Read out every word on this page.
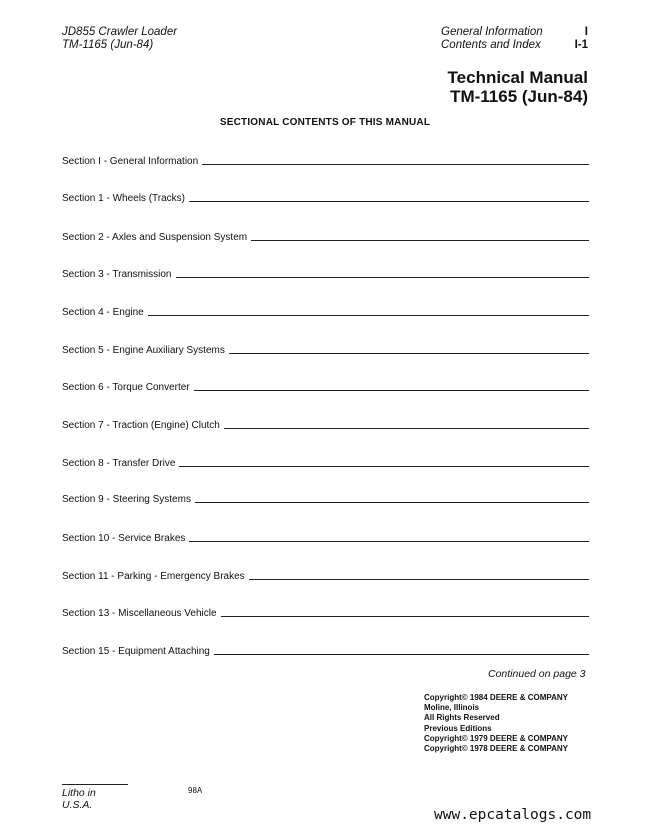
JD855 Crawler Loader
TM-1165 (Jun-84)
General Information
Contents and Index
I
I-1
Technical Manual
TM-1165 (Jun-84)
SECTIONAL CONTENTS OF THIS MANUAL
Section I - General Information
Section 1 - Wheels (Tracks)
Section 2 - Axles and Suspension System
Section 3 - Transmission
Section 4 - Engine
Section 5 - Engine Auxiliary Systems
Section 6 - Torque Converter
Section 7 - Traction (Engine) Clutch
Section 8 - Transfer Drive
Section 9 - Steering Systems
Section 10 - Service Brakes
Section 11 - Parking - Emergency Brakes
Section 13 - Miscellaneous Vehicle
Section 15 - Equipment Attaching
Continued on page 3
Copyright© 1984 DEERE & COMPANY
Moline, Illinois
All Rights Reserved
Previous Editions
Copyright© 1979 DEERE & COMPANY
Copyright© 1978 DEERE & COMPANY
Litho in U.S.A.
98A
www.epcatalogs.com
